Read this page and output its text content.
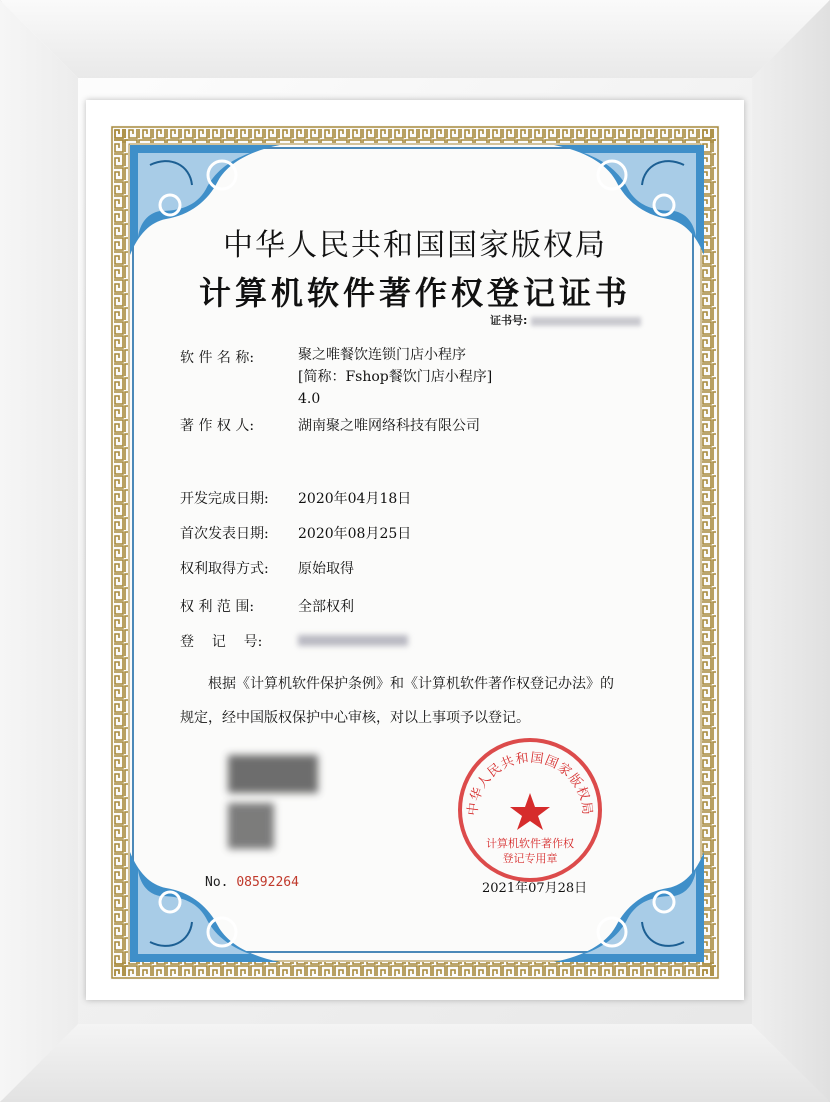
中华人民共和国国家版权局
计算机软件著作权登记证书
证书号:
软 件 名 称:	聚之唯餐饮连锁门店小程序
[简称：Fshop餐饮门店小程序]
4.0
著 作 权 人:	湖南聚之唯网络科技有限公司
开发完成日期: 2020年04月18日
首次发表日期: 2020年08月25日
权利取得方式: 原始取得
权 利 范 围:	全部权利
登    记    号:

根据《计算机软件保护条例》和《计算机软件著作权登记办法》的

规定，经中国版权保护中心审核，对以上事项予以登记。

中华人民共和国国家版权局
计算机软件著作权
登记专用章
No. 08592264	2021年07月28日
